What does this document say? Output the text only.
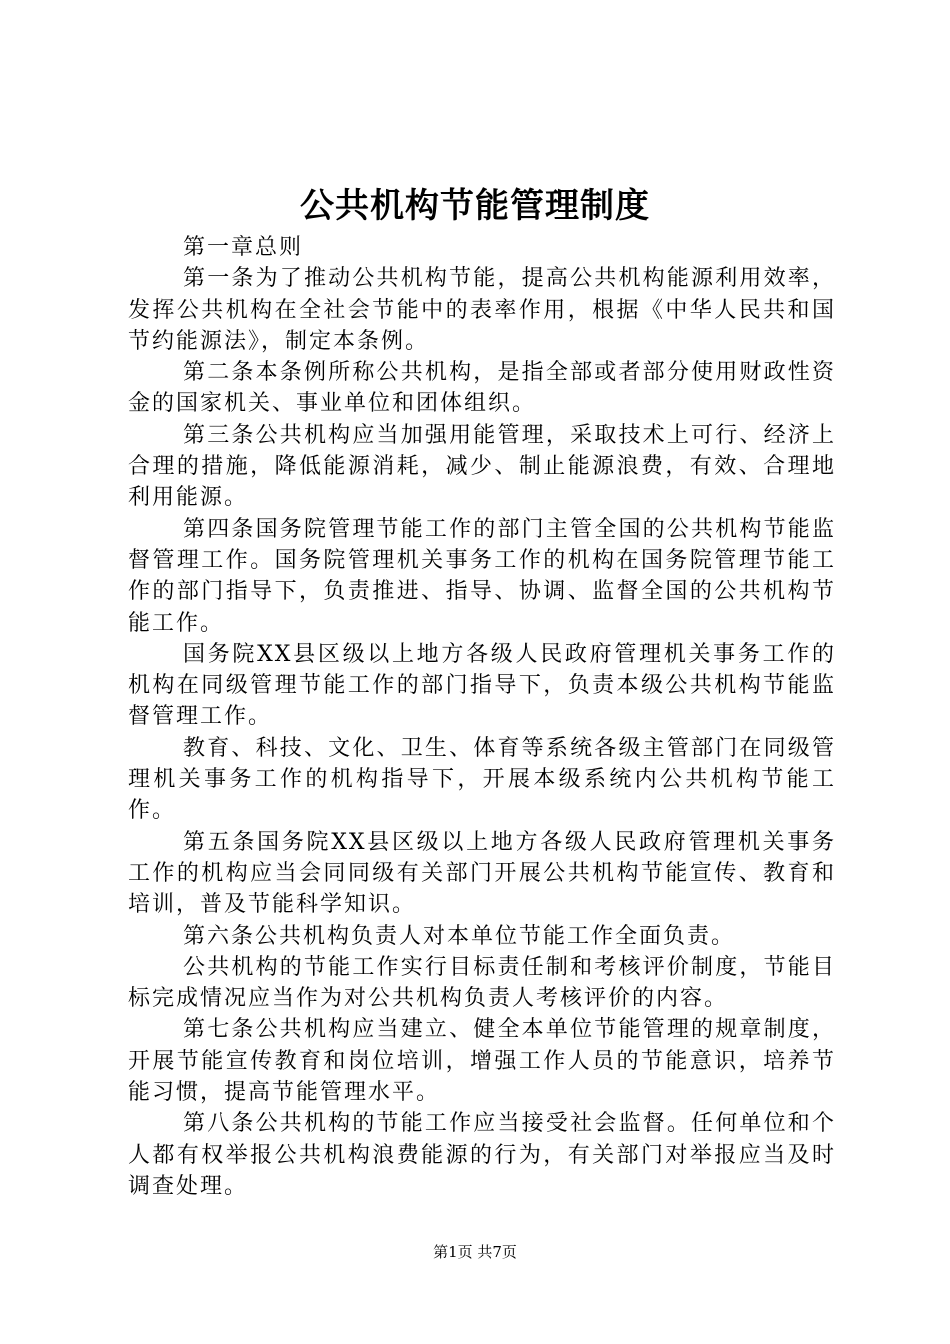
公共机构节能管理制度

第一章总则

第一条为了推动公共机构节能，提高公共机构能源利用效率，发挥公共机构在全社会节能中的表率作用，根据《中华人民共和国节约能源法》，制定本条例。

第二条本条例所称公共机构，是指全部或者部分使用财政性资金的国家机关、事业单位和团体组织。

第三条公共机构应当加强用能管理，采取技术上可行、经济上合理的措施，降低能源消耗，减少、制止能源浪费，有效、合理地利用能源。

第四条国务院管理节能工作的部门主管全国的公共机构节能监督管理工作。国务院管理机关事务工作的机构在国务院管理节能工作的部门指导下，负责推进、指导、协调、监督全国的公共机构节能工作。

国务院XX县区级以上地方各级人民政府管理机关事务工作的机构在同级管理节能工作的部门指导下，负责本级公共机构节能监督管理工作。

教育、科技、文化、卫生、体育等系统各级主管部门在同级管理机关事务工作的机构指导下，开展本级系统内公共机构节能工作。

第五条国务院XX县区级以上地方各级人民政府管理机关事务工作的机构应当会同同级有关部门开展公共机构节能宣传、教育和培训，普及节能科学知识。

第六条公共机构负责人对本单位节能工作全面负责。

公共机构的节能工作实行目标责任制和考核评价制度，节能目标完成情况应当作为对公共机构负责人考核评价的内容。

第七条公共机构应当建立、健全本单位节能管理的规章制度，开展节能宣传教育和岗位培训，增强工作人员的节能意识，培养节能习惯，提高节能管理水平。

第八条公共机构的节能工作应当接受社会监督。任何单位和个人都有权举报公共机构浪费能源的行为，有关部门对举报应当及时调查处理。

第1页 共7页
